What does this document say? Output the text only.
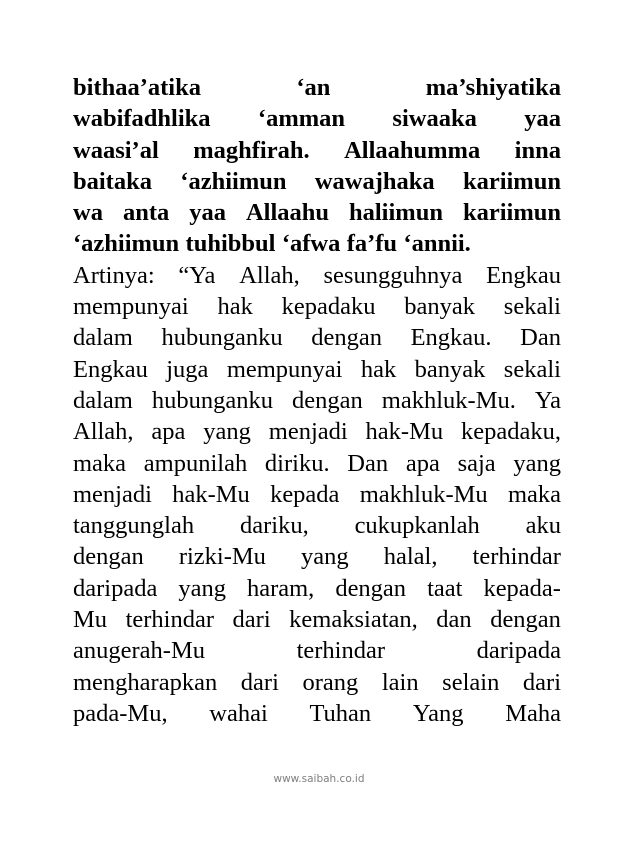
bithaa’atika	‘an	ma’shiyatika
wabifadhlika ‘amman siwaaka yaa
waasi’al maghfirah. Allaahumma inna
baitaka ‘azhiimun wawajhaka kariimun
wa anta yaa Allaahu haliimun kariimun
‘azhiimun tuhibbul ‘afwa fa’fu ‘annii.
Artinya: “Ya Allah, sesungguhnya Engkau
mempunyai hak kepadaku banyak sekali
dalam hubunganku dengan Engkau. Dan
Engkau juga mempunyai hak banyak sekali
dalam hubunganku dengan makhluk-Mu. Ya
Allah, apa yang menjadi hak-Mu kepadaku,
maka ampunilah diriku. Dan apa saja yang
menjadi hak-Mu kepada makhluk-Mu maka
tanggunglah dariku, cukupkanlah aku
dengan rizki-Mu yang halal, terhindar
daripada yang haram, dengan taat kepada-
Mu terhindar dari kemaksiatan, dan dengan
anugerah-Mu	terhindar	daripada
mengharapkan dari orang lain selain dari
pada-Mu, wahai Tuhan Yang Maha
www.saibah.co.id
